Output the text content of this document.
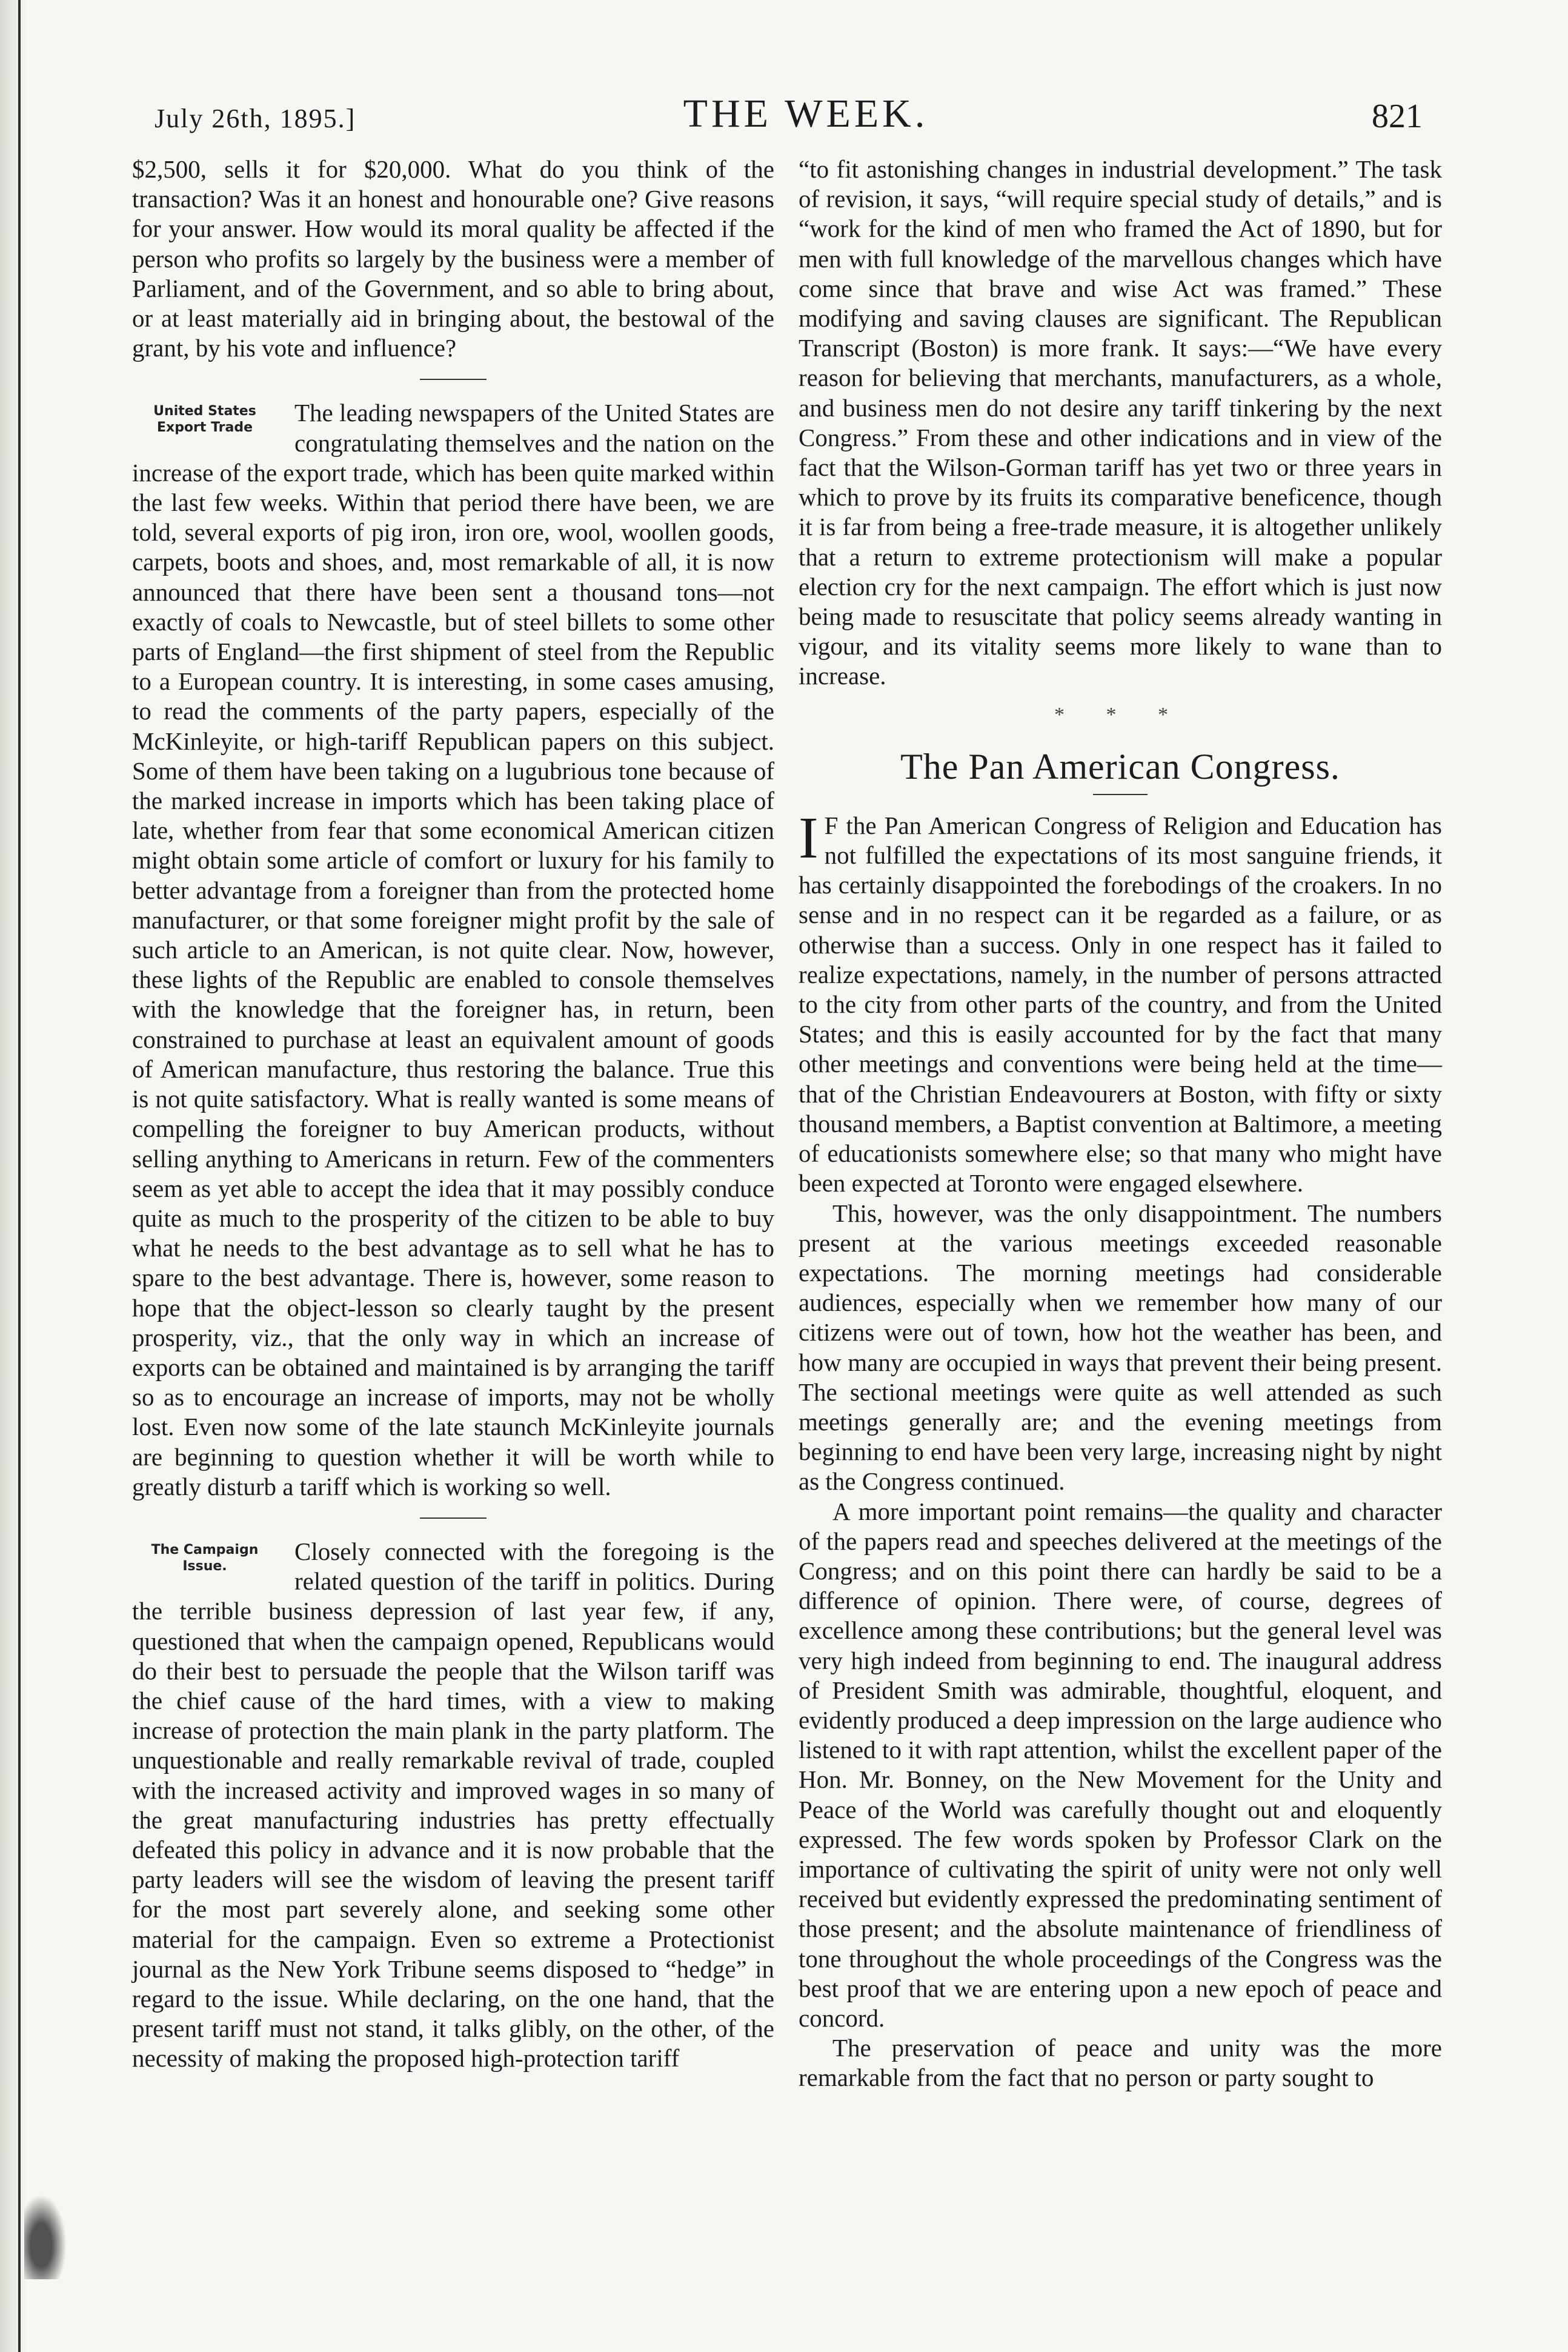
July 26th, 1895.]	THE WEEK.	821

$2,500, sells it for $20,000. What do you think of the transaction? Was it an honest and honourable one? Give reasons for your answer. How would its moral quality be affected if the person who profits so largely by the business were a member of Parliament, and of the Government, and so able to bring about, or at least materially aid in bringing about, the bestowal of the grant, by his vote and influence?

United States Export Trade

The leading newspapers of the United States are congratulating themselves and the nation on the increase of the export trade, which has been quite marked within the last few weeks. Within that period there have been, we are told, several exports of pig iron, iron ore, wool, woollen goods, carpets, boots and shoes, and, most remarkable of all, it is now announced that there have been sent a thousand tons—not exactly of coals to Newcastle, but of steel billets to some other parts of England—the first shipment of steel from the Republic to a European country. It is interesting, in some cases amusing, to read the comments of the party papers, especially of the McKinleyite, or high-tariff Republican papers on this subject. Some of them have been taking on a lugubrious tone because of the marked increase in imports which has been taking place of late, whether from fear that some economical American citizen might obtain some article of comfort or luxury for his family to better advantage from a foreigner than from the protected home manufacturer, or that some foreigner might profit by the sale of such article to an American, is not quite clear. Now, however, these lights of the Republic are enabled to console themselves with the knowledge that the foreigner has, in return, been constrained to purchase at least an equivalent amount of goods of American manufacture, thus restoring the balance. True this is not quite satisfactory. What is really wanted is some means of compelling the foreigner to buy American products, without selling anything to Americans in return. Few of the commenters seem as yet able to accept the idea that it may possibly conduce quite as much to the prosperity of the citizen to be able to buy what he needs to the best advantage as to sell what he has to spare to the best advantage. There is, however, some reason to hope that the object-lesson so clearly taught by the present prosperity, viz., that the only way in which an increase of exports can be obtained and maintained is by arranging the tariff so as to encourage an increase of imports, may not be wholly lost. Even now some of the late staunch McKinleyite journals are beginning to question whether it will be worth while to greatly disturb a tariff which is working so well.

The Campaign Issue.

Closely connected with the foregoing is the related question of the tariff in politics. During the terrible business depression of last year few, if any, questioned that when the campaign opened, Republicans would do their best to persuade the people that the Wilson tariff was the chief cause of the hard times, with a view to making increase of protection the main plank in the party platform. The unquestionable and really remarkable revival of trade, coupled with the increased activity and improved wages in so many of the great manufacturing industries has pretty effectually defeated this policy in advance and it is now probable that the party leaders will see the wisdom of leaving the present tariff for the most part severely alone, and seeking some other material for the campaign. Even so extreme a Protectionist journal as the New York Tribune seems disposed to “hedge” in regard to the issue. While declaring, on the one hand, that the present tariff must not stand, it talks glibly, on the other, of the necessity of making the proposed high-protection tariff

“to fit astonishing changes in industrial development.” The task of revision, it says, “will require special study of details,” and is “work for the kind of men who framed the Act of 1890, but for men with full knowledge of the marvellous changes which have come since that brave and wise Act was framed.” These modifying and saving clauses are significant. The Republican Transcript (Boston) is more frank. It says:—“We have every reason for believing that merchants, manufacturers, as a whole, and business men do not desire any tariff tinkering by the next Congress.” From these and other indications and in view of the fact that the Wilson-Gorman tariff has yet two or three years in which to prove by its fruits its comparative beneficence, though it is far from being a free-trade measure, it is altogether unlikely that a return to extreme protectionism will make a popular election cry for the next campaign. The effort which is just now being made to resuscitate that policy seems already wanting in vigour, and its vitality seems more likely to wane than to increase.

* * *
The Pan American Congress.

I F the Pan American Congress of Religion and Education has not fulfilled the expectations of its most sanguine friends, it has certainly disappointed the forebodings of the croakers. In no sense and in no respect can it be regarded as a failure, or as otherwise than a success. Only in one respect has it failed to realize expectations, namely, in the number of persons attracted to the city from other parts of the country, and from the United States; and this is easily accounted for by the fact that many other meetings and conventions were being held at the time—that of the Christian Endeavourers at Boston, with fifty or sixty thousand members, a Baptist convention at Baltimore, a meeting of educationists somewhere else; so that many who might have been expected at Toronto were engaged elsewhere.

This, however, was the only disappointment. The numbers present at the various meetings exceeded reasonable expectations. The morning meetings had considerable audiences, especially when we remember how many of our citizens were out of town, how hot the weather has been, and how many are occupied in ways that prevent their being present. The sectional meetings were quite as well attended as such meetings generally are; and the evening meetings from beginning to end have been very large, increasing night by night as the Congress continued.

A more important point remains—the quality and character of the papers read and speeches delivered at the meetings of the Congress; and on this point there can hardly be said to be a difference of opinion. There were, of course, degrees of excellence among these contributions; but the general level was very high indeed from beginning to end. The inaugural address of President Smith was admirable, thoughtful, eloquent, and evidently produced a deep impression on the large audience who listened to it with rapt attention, whilst the excellent paper of the Hon. Mr. Bonney, on the New Movement for the Unity and Peace of the World was carefully thought out and eloquently expressed. The few words spoken by Professor Clark on the importance of cultivating the spirit of unity were not only well received but evidently expressed the predominating sentiment of those present; and the absolute maintenance of friendliness of tone throughout the whole proceedings of the Congress was the best proof that we are entering upon a new epoch of peace and concord.

The preservation of peace and unity was the more remarkable from the fact that no person or party sought to
